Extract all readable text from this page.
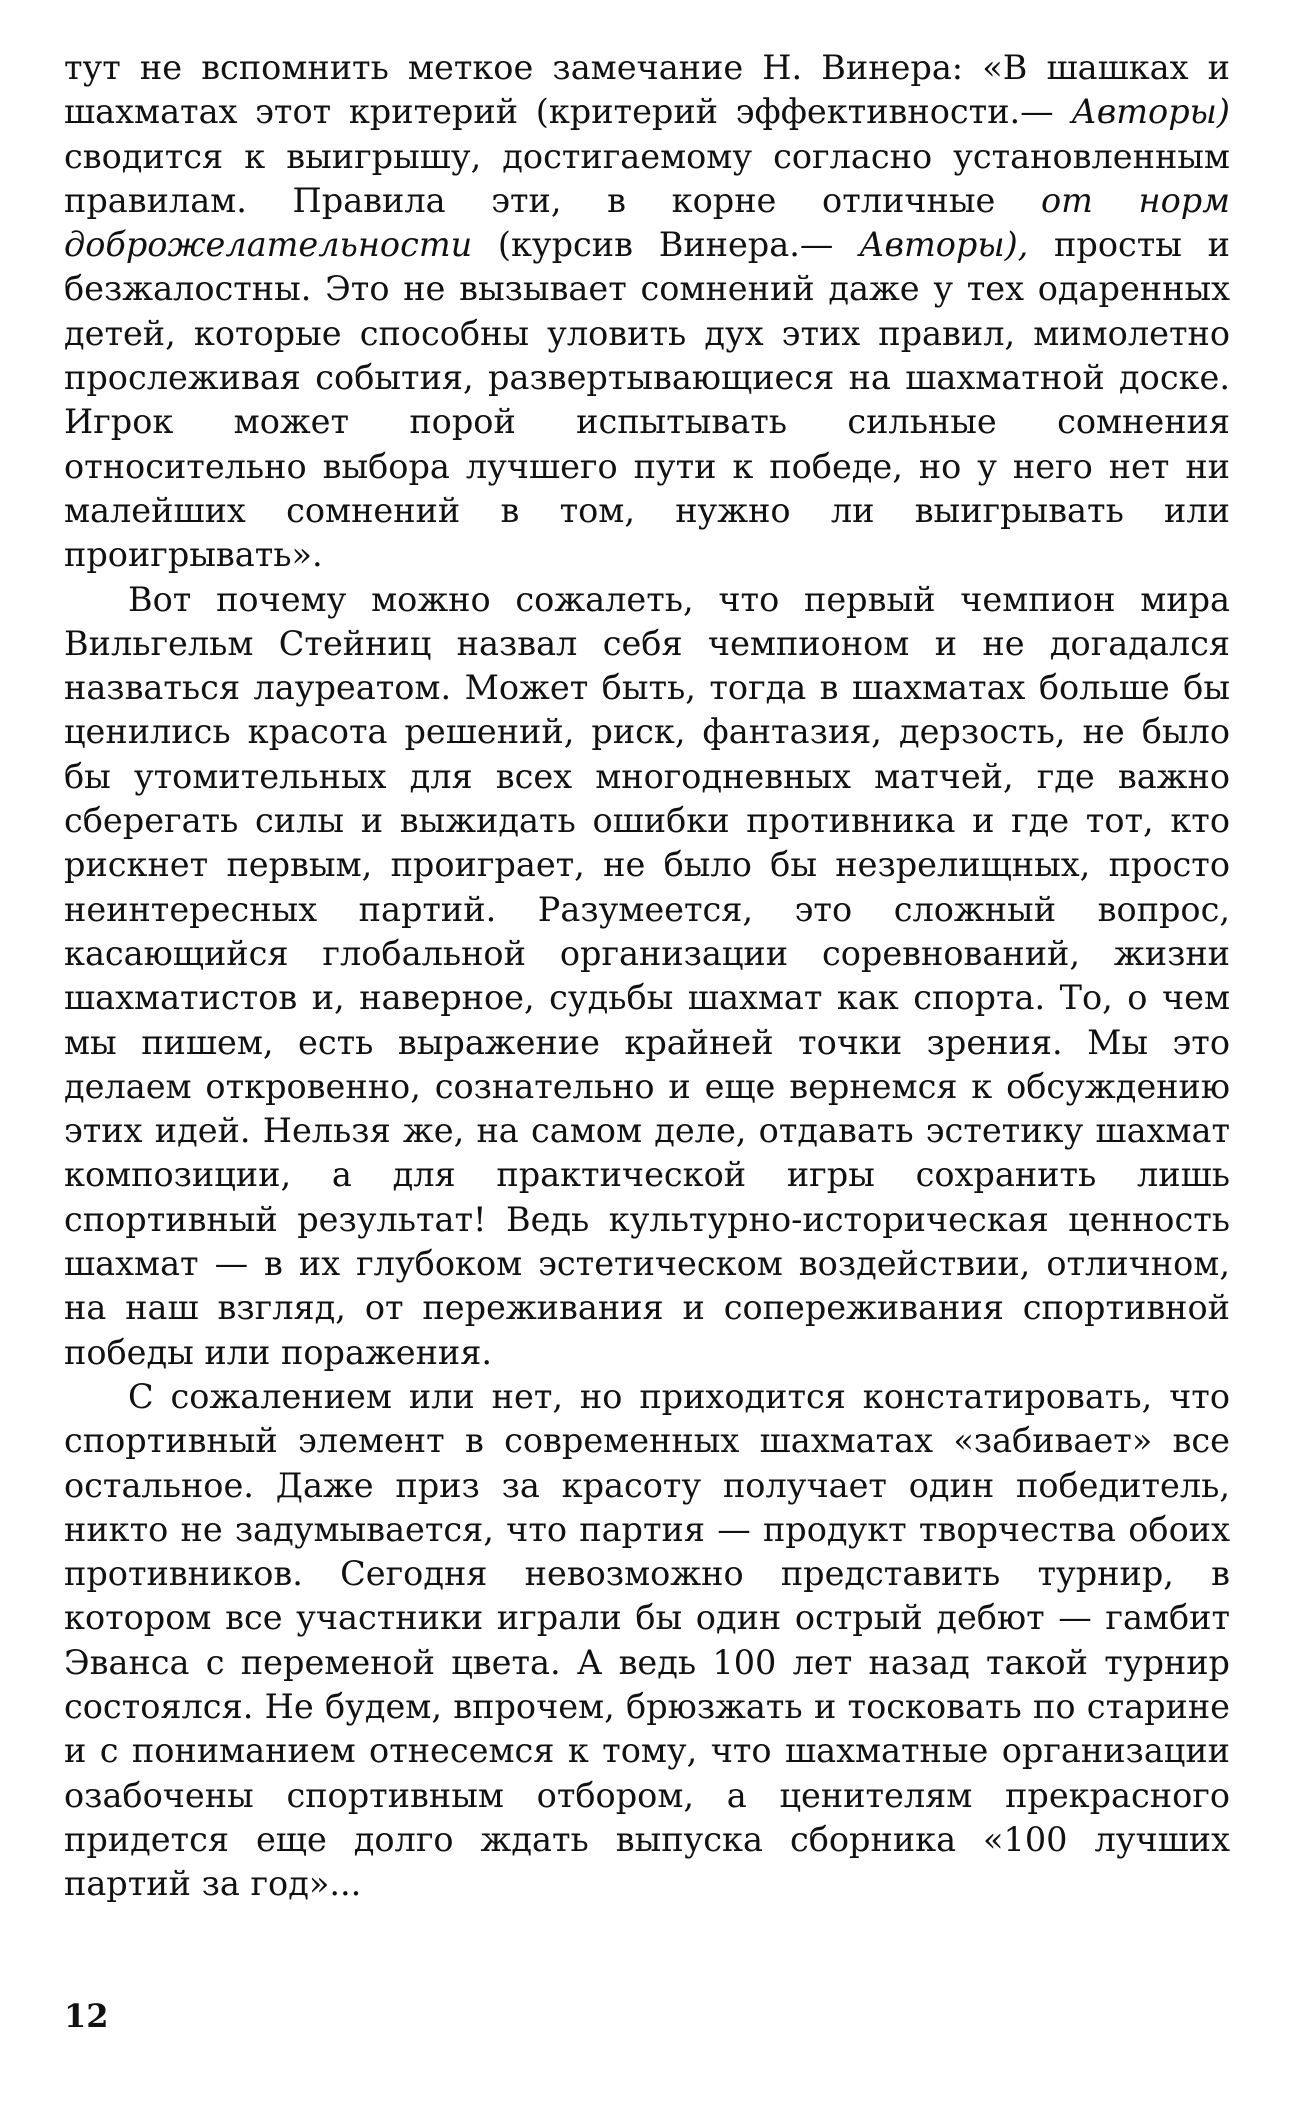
тут не вспомнить меткое замечание Н. Винера: «В шашках и шахматах этот критерий (критерий эффективности.— Авторы) сводится к выигрышу, достигаемому согласно установленным правилам. Правила эти, в корне отличные от норм доброжелательности (курсив Винера.— Авторы), просты и безжалостны. Это не вызывает сомнений даже у тех одаренных детей, которые способны уловить дух этих правил, мимолетно прослеживая события, развертывающиеся на шахматной доске. Игрок может порой испытывать сильные сомнения относительно выбора лучшего пути к победе, но у него нет ни малейших сомнений в том, нужно ли выигрывать или проигрывать».

Вот почему можно сожалеть, что первый чемпион мира Вильгельм Стейниц назвал себя чемпионом и не догадался назваться лауреатом. Может быть, тогда в шахматах больше бы ценились красота решений, риск, фантазия, дерзость, не было бы утомительных для всех многодневных матчей, где важно сберегать силы и выжидать ошибки противника и где тот, кто рискнет первым, проиграет, не было бы незрелищных, просто неинтересных партий. Разумеется, это сложный вопрос, касающийся глобальной организации соревнований, жизни шахматистов и, наверное, судьбы шахмат как спорта. То, о чем мы пишем, есть выражение крайней точки зрения. Мы это делаем откровенно, сознательно и еще вернемся к обсуждению этих идей. Нельзя же, на самом деле, отдавать эстетику шахмат композиции, а для практической игры сохранить лишь спортивный результат! Ведь культурно-историческая ценность шахмат — в их глубоком эстетическом воздействии, отличном, на наш взгляд, от переживания и сопереживания спортивной победы или поражения.

С сожалением или нет, но приходится констатировать, что спортивный элемент в современных шахматах «забивает» все остальное. Даже приз за красоту получает один победитель, никто не задумывается, что партия — продукт творчества обоих противников. Сегодня невозможно представить турнир, в котором все участники играли бы один острый дебют — гамбит Эванса с переменой цвета. А ведь 100 лет назад такой турнир состоялся. Не будем, впрочем, брюзжать и тосковать по старине и с пониманием отнесемся к тому, что шахматные организации озабочены спортивным отбором, а ценителям прекрасного придется еще долго ждать выпуска сборника «100 лучших партий за год»...

12
